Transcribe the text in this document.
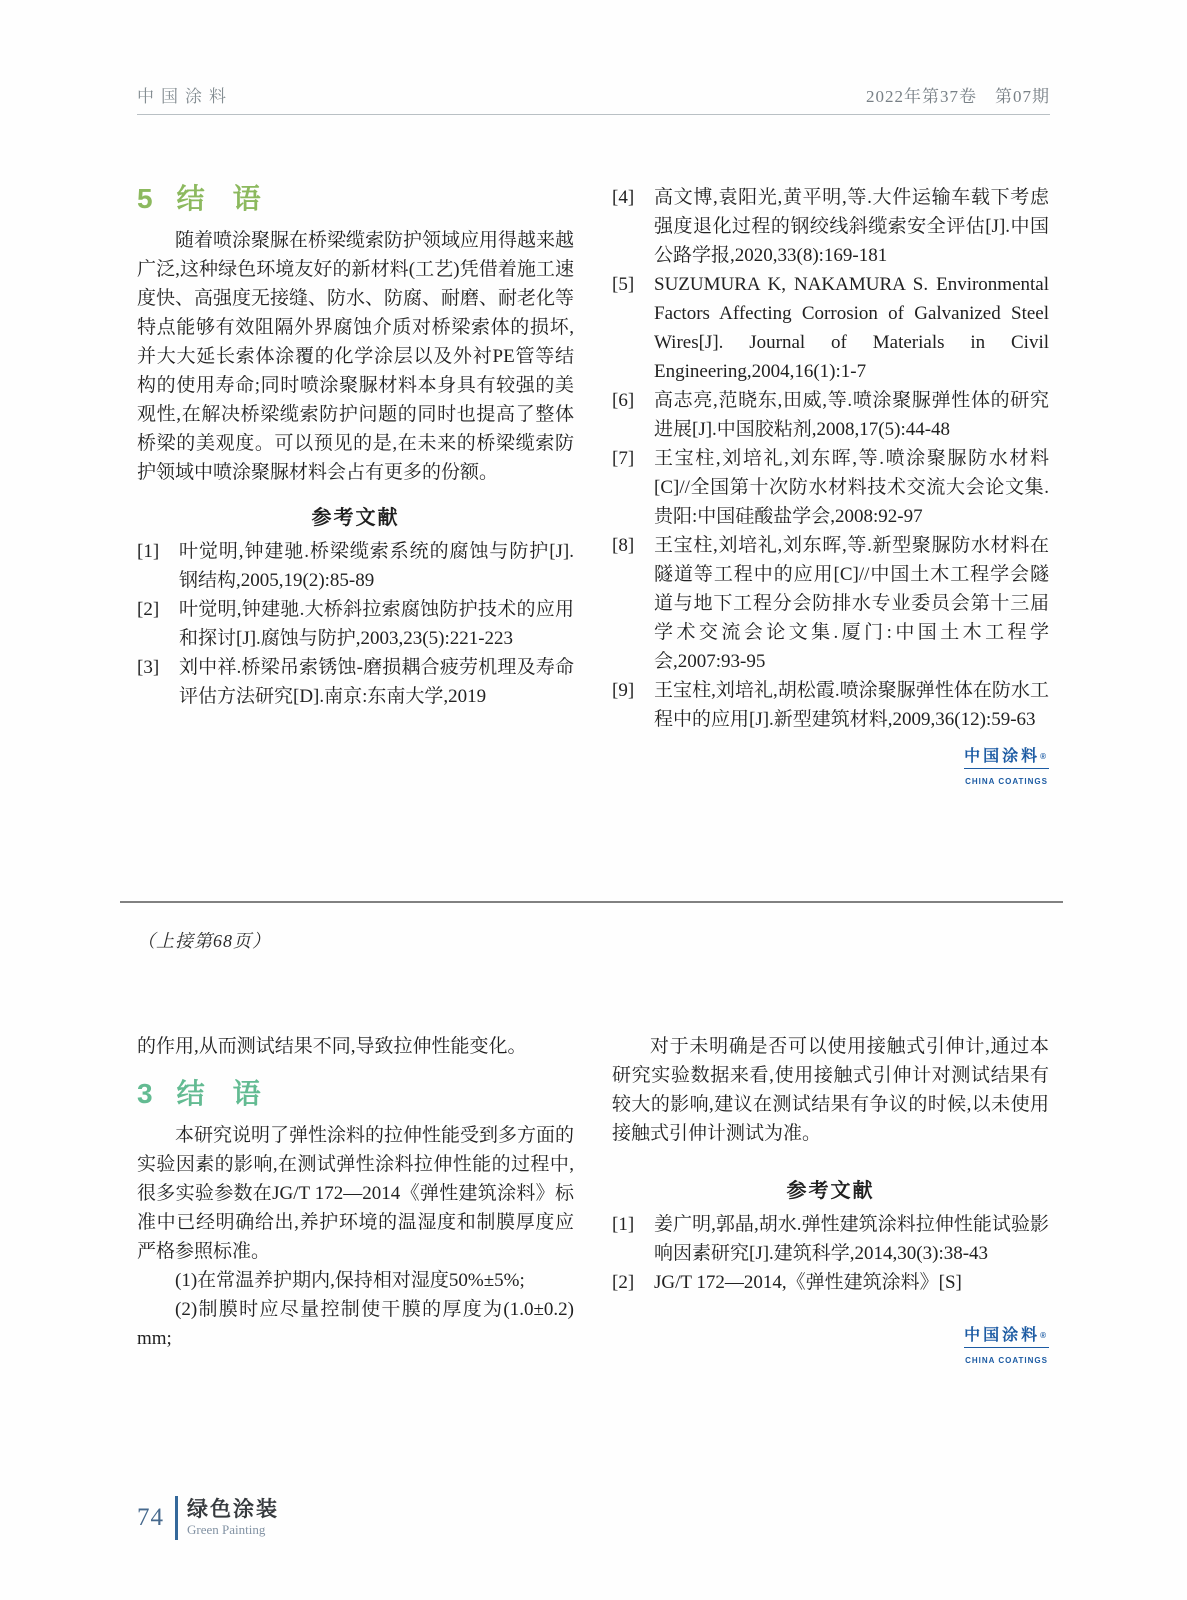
中国涂料	2022年第37卷　第07期
5 结　语

随着喷涂聚脲在桥梁缆索防护领域应用得越来越广泛,这种绿色环境友好的新材料(工艺)凭借着施工速度快、高强度无接缝、防水、防腐、耐磨、耐老化等特点能够有效阻隔外界腐蚀介质对桥梁索体的损坏,并大大延长索体涂覆的化学涂层以及外衬PE管等结构的使用寿命;同时喷涂聚脲材料本身具有较强的美观性,在解决桥梁缆索防护问题的同时也提高了整体桥梁的美观度。可以预见的是,在未来的桥梁缆索防护领域中喷涂聚脲材料会占有更多的份额。

参考文献
[1]	叶觉明,钟建驰.桥梁缆索系统的腐蚀与防护[J].钢结构,2005,19(2):85-89
[2]	叶觉明,钟建驰.大桥斜拉索腐蚀防护技术的应用和探讨[J].腐蚀与防护,2003,23(5):221-223
[3]	刘中祥.桥梁吊索锈蚀-磨损耦合疲劳机理及寿命评估方法研究[D].南京:东南大学,2019
[4]	高文博,袁阳光,黄平明,等.大件运输车载下考虑强度退化过程的钢绞线斜缆索安全评估[J].中国公路学报,2020,33(8):169-181
[5]	SUZUMURA K, NAKAMURA S. Environmental Factors Affecting Corrosion of Galvanized Steel Wires[J]. Journal of Materials in Civil Engineering,2004,16(1):1-7
[6]	高志亮,范晓东,田威,等.喷涂聚脲弹性体的研究进展[J].中国胶粘剂,2008,17(5):44-48
[7]	王宝柱,刘培礼,刘东晖,等.喷涂聚脲防水材料[C]//全国第十次防水材料技术交流大会论文集.贵阳:中国硅酸盐学会,2008:92-97
[8]	王宝柱,刘培礼,刘东晖,等.新型聚脲防水材料在隧道等工程中的应用[C]//中国土木工程学会隧道与地下工程分会防排水专业委员会第十三届学术交流会论文集.厦门:中国土木工程学会,2007:93-95
[9]	王宝柱,刘培礼,胡松霞.喷涂聚脲弹性体在防水工程中的应用[J].新型建筑材料,2009,36(12):59-63
中国涂料®
CHINA COATINGS
（上接第68页）

的作用,从而测试结果不同,导致拉伸性能变化。

3 结　语

本研究说明了弹性涂料的拉伸性能受到多方面的实验因素的影响,在测试弹性涂料拉伸性能的过程中,很多实验参数在JG/T 172—2014《弹性建筑涂料》标准中已经明确给出,养护环境的温湿度和制膜厚度应严格参照标准。

(1)在常温养护期内,保持相对湿度50%±5%;

(2)制膜时应尽量控制使干膜的厚度为(1.0±0.2) mm;

对于未明确是否可以使用接触式引伸计,通过本研究实验数据来看,使用接触式引伸计对测试结果有较大的影响,建议在测试结果有争议的时候,以未使用接触式引伸计测试为准。

参考文献
[1]	姜广明,郭晶,胡水.弹性建筑涂料拉伸性能试验影响因素研究[J].建筑科学,2014,30(3):38-43
[2]	JG/T 172—2014,《弹性建筑涂料》[S]
中国涂料®
CHINA COATINGS
74 绿色涂装
Green Painting
